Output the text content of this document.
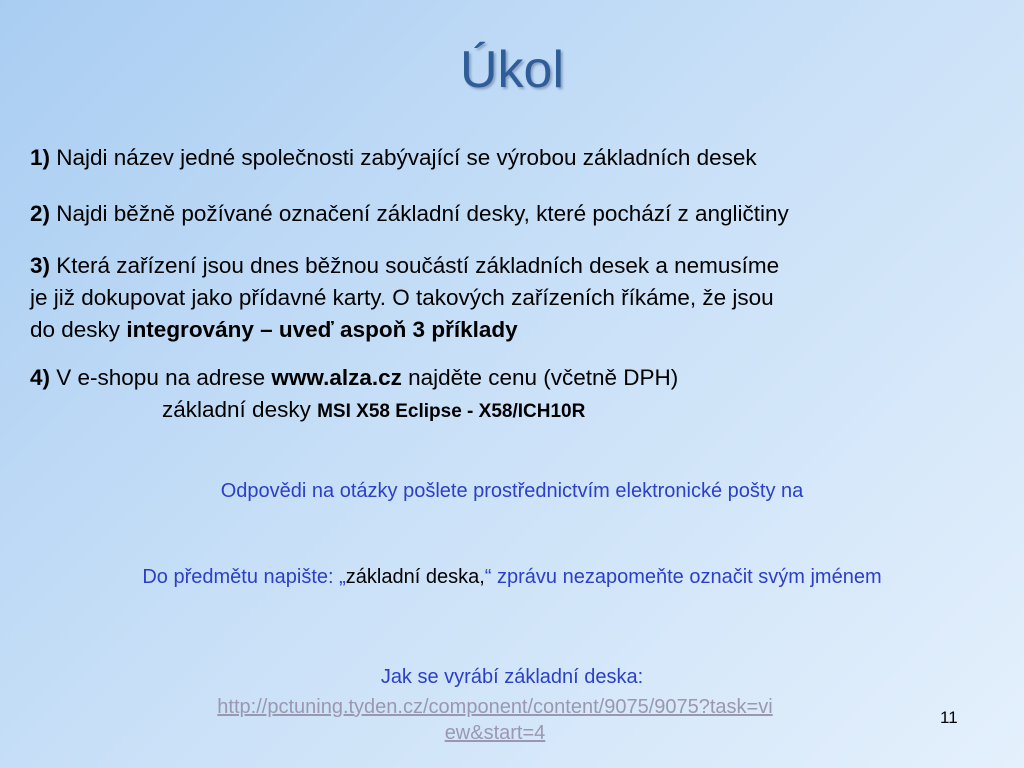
Úkol
1) Najdi název jedné společnosti zabývající se výrobou základních desek
2) Najdi běžně požívané označení základní desky, které pochází z angličtiny
3) Která zařízení jsou dnes běžnou součástí základních desek a nemusíme
je již dokupovat jako přídavné karty. O takových zařízeních říkáme, že jsou
do desky integrovány – uveď aspoň 3 příklady
4) V e-shopu na adrese www.alza.cz najděte cenu (včetně DPH)
základní desky MSI X58 Eclipse - X58/ICH10R
Odpovědi na otázky pošlete prostřednictvím elektronické pošty na
Do předmětu napište: „základní deska,“ zprávu nezapomeňte označit svým jménem
Jak se vyrábí základní deska:
http://pctuning.tyden.cz/component/content/9075/9075?task=vi
ew&start=4
11
